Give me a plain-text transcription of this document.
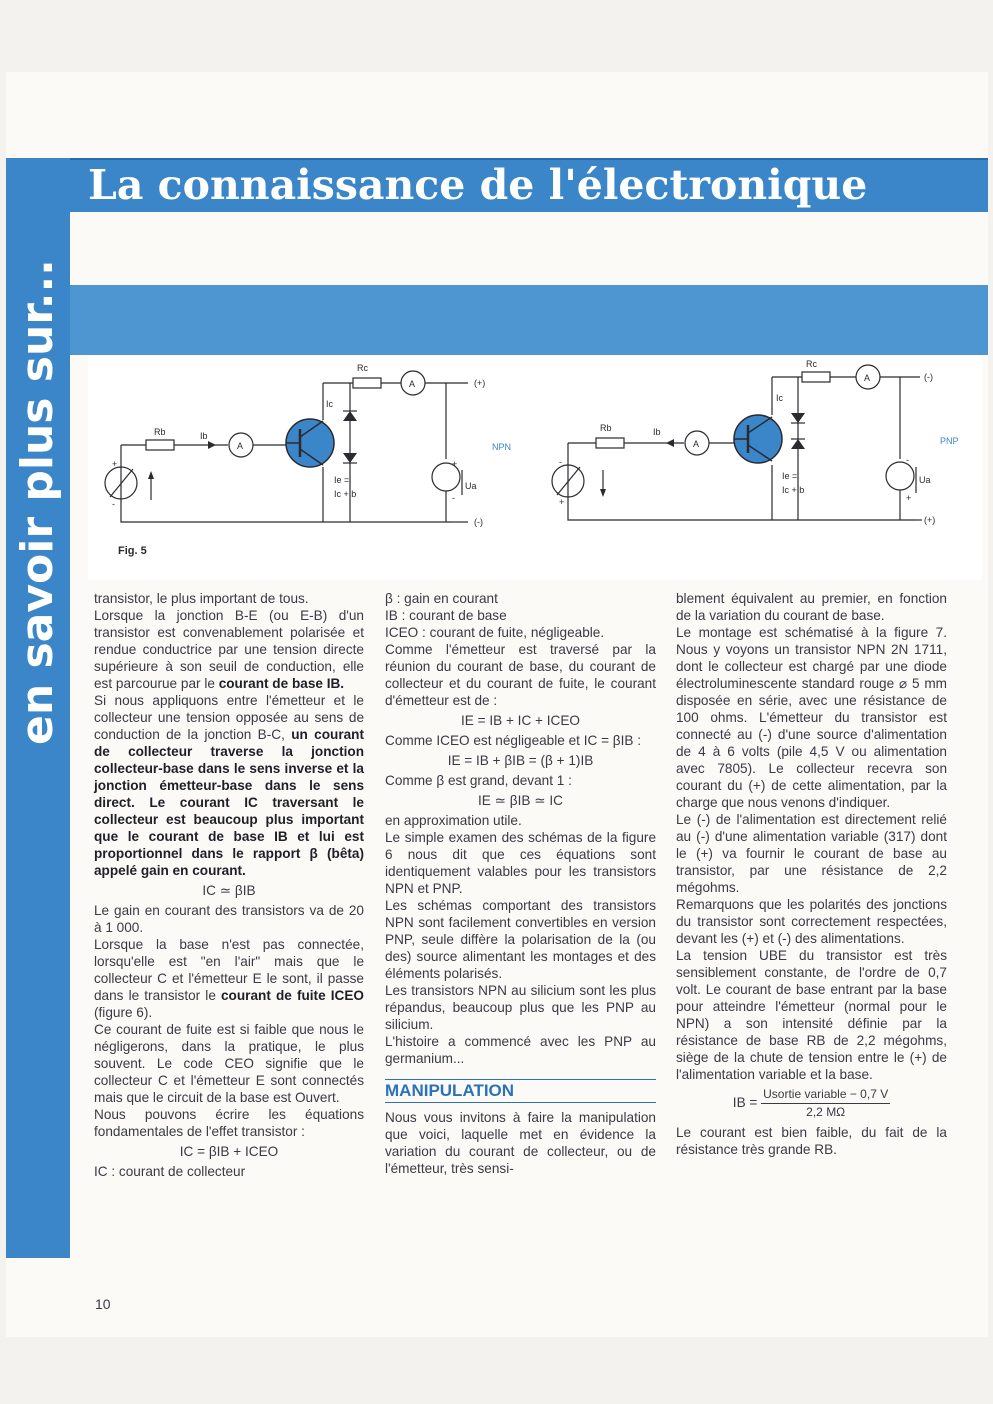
en savoir plus sur...
La connaissance de l'électronique
Rb	Ib
A
Rc
A	(+)
(-)
Ic
Ie =
Ic +Ib
Ua
NPN
+
-
+
-
Rb	Ib
A
Rc
A	(-)
(+)
Ic
Ie =
Ic +Ib
Ua
PNP
-
+
-
+
Fig. 5

transistor, le plus important de tous.

Lorsque la jonction B-E (ou E-B) d'un transistor est convenablement polarisée et rendue conductrice par une tension directe supérieure à son seuil de conduction, elle est parcourue par le courant de base IB.

Si nous appliquons entre l'émetteur et le collecteur une tension opposée au sens de conduction de la jonction B-C, un courant de collecteur traverse la jonction collecteur-base dans le sens inverse et la jonction émetteur-base dans le sens direct. Le courant IC traversant le collecteur est beaucoup plus important que le courant de base IB et lui est proportionnel dans le rapport β (bêta) appelé gain en courant.

IC ≃ βIB

Le gain en courant des transistors va de 20 à 1 000.

Lorsque la base n'est pas connectée, lorsqu'elle est "en l'air" mais que le collecteur C et l'émetteur E le sont, il passe dans le transistor le courant de fuite ICEO (figure 6).

Ce courant de fuite est si faible que nous le négligerons, dans la pratique, le plus souvent. Le code CEO signifie que le collecteur C et l'émetteur E sont connectés mais que le circuit de la base est Ouvert.

Nous pouvons écrire les équations fondamentales de l'effet transistor :

IC = βIB + ICEO

IC : courant de collecteur

β : gain en courant

IB : courant de base

ICEO : courant de fuite, négligeable.

Comme l'émetteur est traversé par la réunion du courant de base, du courant de collecteur et du courant de fuite, le courant d'émetteur est de :

IE = IB + IC + ICEO

Comme ICEO est négligeable et IC = βIB :

IE = IB + βIB = (β + 1)IB

Comme β est grand, devant 1 :

IE ≃ βIB ≃ IC

en approximation utile.

Le simple examen des schémas de la figure 6 nous dit que ces équations sont identiquement valables pour les transistors NPN et PNP.

Les schémas comportant des transistors NPN sont facilement convertibles en version PNP, seule diffère la polarisation de la (ou des) source alimentant les montages et des éléments polarisés.

Les transistors NPN au silicium sont les plus répandus, beaucoup plus que les PNP au silicium.

L'histoire a commencé avec les PNP au germanium...

MANIPULATION

Nous vous invitons à faire la manipulation que voici, laquelle met en évidence la variation du courant de collecteur, ou de l'émetteur, très sensi-

blement équivalent au premier, en fonction de la variation du courant de base.

Le montage est schématisé à la figure 7. Nous y voyons un transistor NPN 2N 1711, dont le collecteur est chargé par une diode électroluminescente standard rouge ⌀ 5 mm disposée en série, avec une résistance de 100 ohms. L'émetteur du transistor est connecté au (-) d'une source d'alimentation de 4 à 6 volts (pile 4,5 V ou alimentation avec 7805). Le collecteur recevra son courant du (+) de cette alimentation, par la charge que nous venons d'indiquer.

Le (-) de l'alimentation est directement relié au (-) d'une alimentation variable (317) dont le (+) va fournir le courant de base au transistor, par une résistance de 2,2 mégohms.

Remarquons que les polarités des jonctions du transistor sont correctement respectées, devant les (+) et (-) des alimentations.

La tension UBE du transistor est très sensiblement constante, de l'ordre de 0,7 volt. Le courant de base entrant par la base pour atteindre l'émetteur (normal pour le NPN) a son intensité définie par la résistance de base RB de 2,2 mégohms, siège de la chute de tension entre le (+) de l'alimentation variable et la base.

IB = $\frac{\text{Usortie variable − 0,7 V}}{2,2 M\Omega}$

Le courant est bien faible, du fait de la résistance très grande RB.

10
